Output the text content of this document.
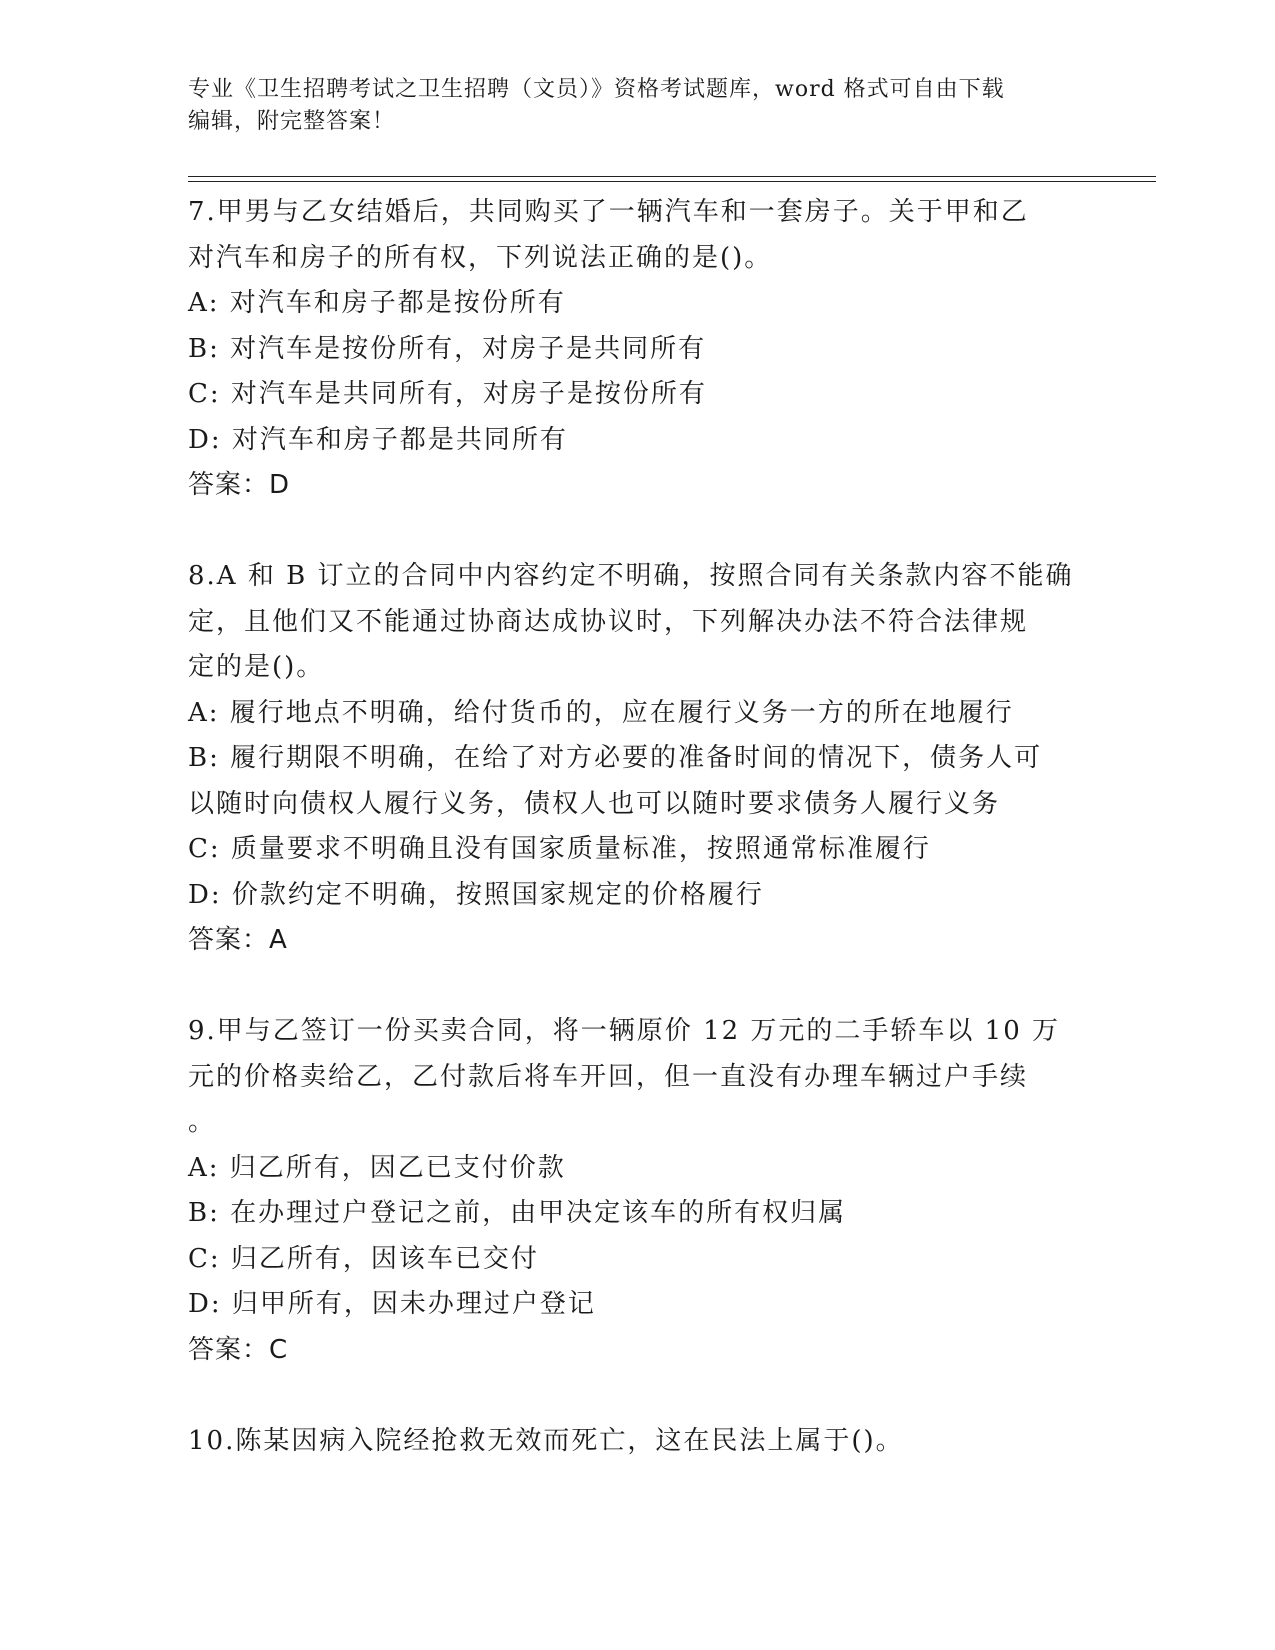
专业《卫生招聘考试之卫生招聘（文员）》资格考试题库，word 格式可自由下载
编辑，附完整答案！

7.甲男与乙女结婚后，共同购买了一辆汽车和一套房子。关于甲和乙
对汽车和房子的所有权，下列说法正确的是()。

A: 对汽车和房子都是按份所有

B: 对汽车是按份所有，对房子是共同所有

C: 对汽车是共同所有，对房子是按份所有

D: 对汽车和房子都是共同所有

答案：D

8.A 和 B 订立的合同中内容约定不明确，按照合同有关条款内容不能确
定，且他们又不能通过协商达成协议时，下列解决办法不符合法律规
定的是()。

A: 履行地点不明确，给付货币的，应在履行义务一方的所在地履行

B: 履行期限不明确，在给了对方必要的准备时间的情况下，债务人可
以随时向债权人履行义务，债权人也可以随时要求债务人履行义务

C: 质量要求不明确且没有国家质量标准，按照通常标准履行

D: 价款约定不明确，按照国家规定的价格履行

答案：A

9.甲与乙签订一份买卖合同，将一辆原价 12 万元的二手轿车以 10 万
元的价格卖给乙，乙付款后将车开回，但一直没有办理车辆过户手续
。

A: 归乙所有，因乙已支付价款

B: 在办理过户登记之前，由甲决定该车的所有权归属

C: 归乙所有，因该车已交付

D: 归甲所有，因未办理过户登记

答案：C

10.陈某因病入院经抢救无效而死亡，这在民法上属于()。
